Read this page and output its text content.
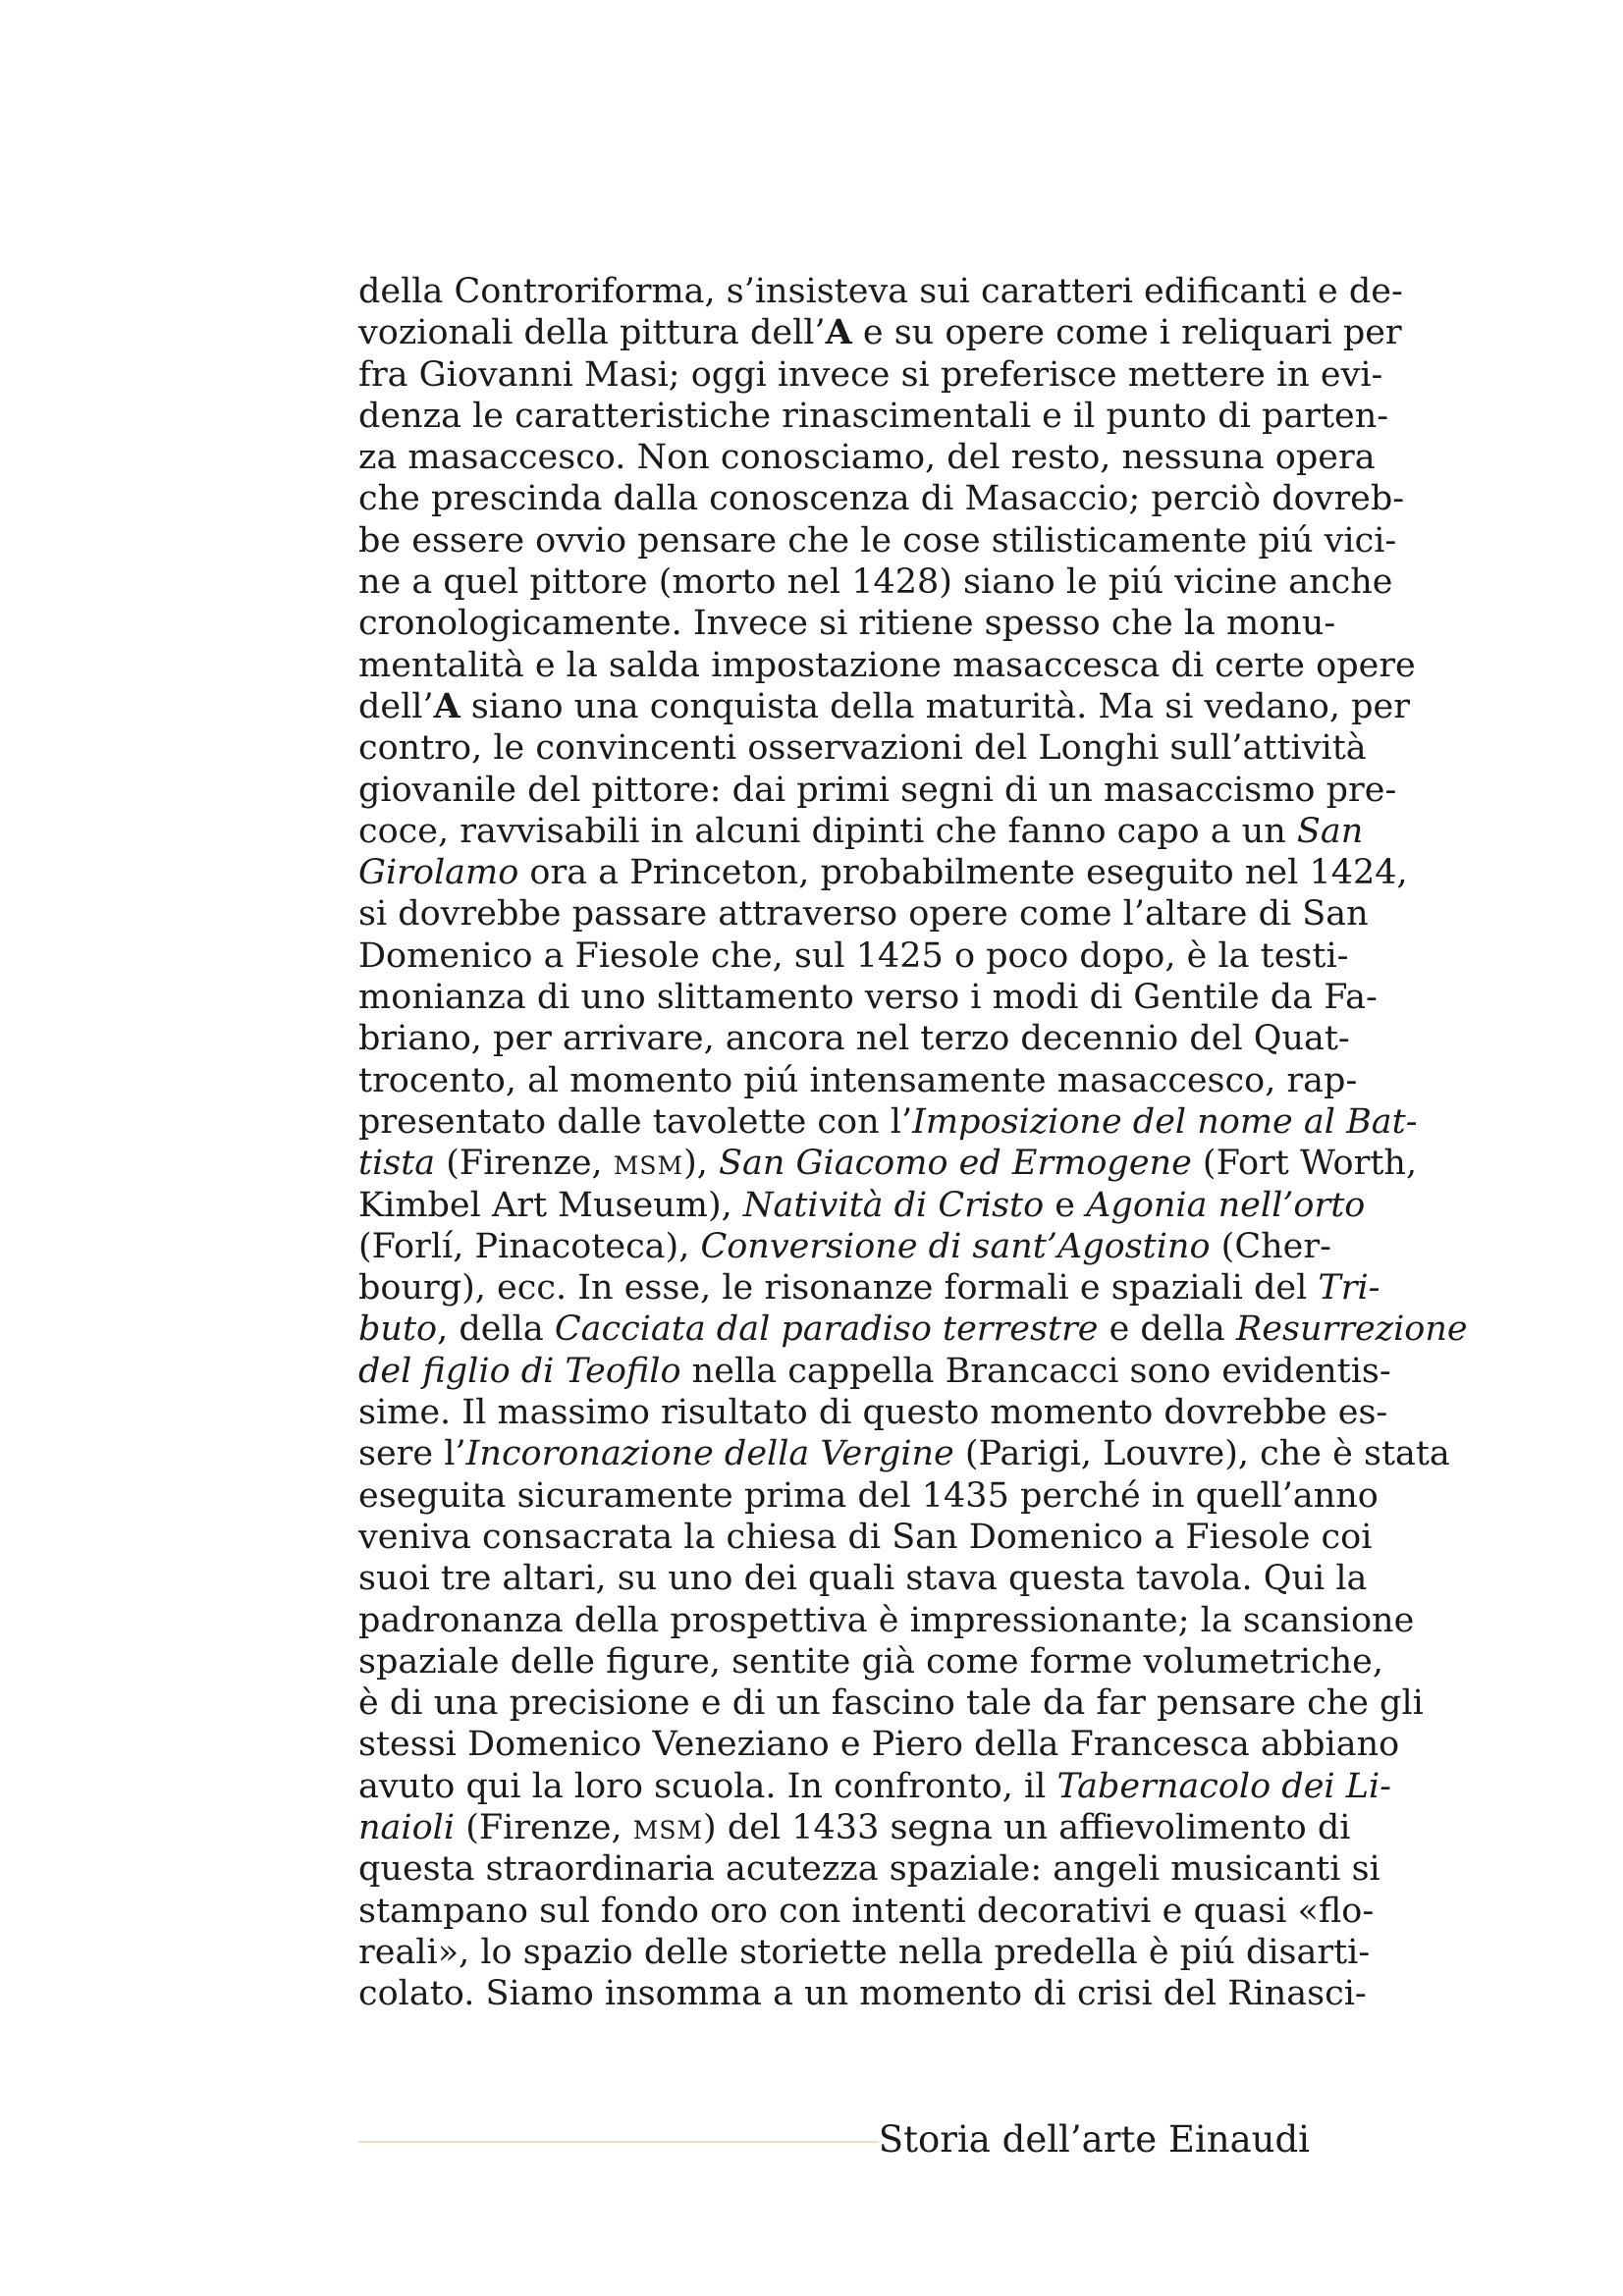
della Controriforma, s’insisteva sui caratteri edificanti e de-
vozionali della pittura dell’A e su opere come i reliquari per
fra Giovanni Masi; oggi invece si preferisce mettere in evi-
denza le caratteristiche rinascimentali e il punto di parten-
za masaccesco. Non conosciamo, del resto, nessuna opera
che prescinda dalla conoscenza di Masaccio; perciò dovreb-
be essere ovvio pensare che le cose stilisticamente piú vici-
ne a quel pittore (morto nel 1428) siano le piú vicine anche
cronologicamente. Invece si ritiene spesso che la monu-
mentalità e la salda impostazione masaccesca di certe opere
dell’A siano una conquista della maturità. Ma si vedano, per
contro, le convincenti osservazioni del Longhi sull’attività
giovanile del pittore: dai primi segni di un masaccismo pre-
coce, ravvisabili in alcuni dipinti che fanno capo a un San
Girolamo ora a Princeton, probabilmente eseguito nel 1424,
si dovrebbe passare attraverso opere come l’altare di San
Domenico a Fiesole che, sul 1425 o poco dopo, è la testi-
monianza di uno slittamento verso i modi di Gentile da Fa-
briano, per arrivare, ancora nel terzo decennio del Quat-
trocento, al momento piú intensamente masaccesco, rap-
presentato dalle tavolette con l’Imposizione del nome al Bat-
tista (Firenze, msm), San Giacomo ed Ermogene (Fort Worth,
Kimbel Art Museum), Natività di Cristo e Agonia nell’orto
(Forlí, Pinacoteca), Conversione di sant’Agostino (Cher-
bourg), ecc. In esse, le risonanze formali e spaziali del Tri-
buto, della Cacciata dal paradiso terrestre e della Resurrezione
del figlio di Teofilo nella cappella Brancacci sono evidentis-
sime. Il massimo risultato di questo momento dovrebbe es-
sere l’Incoronazione della Vergine (Parigi, Louvre), che è stata
eseguita sicuramente prima del 1435 perché in quell’anno
veniva consacrata la chiesa di San Domenico a Fiesole coi
suoi tre altari, su uno dei quali stava questa tavola. Qui la
padronanza della prospettiva è impressionante; la scansione
spaziale delle figure, sentite già come forme volumetriche,
è di una precisione e di un fascino tale da far pensare che gli
stessi Domenico Veneziano e Piero della Francesca abbiano
avuto qui la loro scuola. In confronto, il Tabernacolo dei Li-
naioli (Firenze, msm) del 1433 segna un affievolimento di
questa straordinaria acutezza spaziale: angeli musicanti si
stampano sul fondo oro con intenti decorativi e quasi «flo-
reali», lo spazio delle storiette nella predella è piú disarti-
colato. Siamo insomma a un momento di crisi del Rinasci-
Storia dell’arte Einaudi
